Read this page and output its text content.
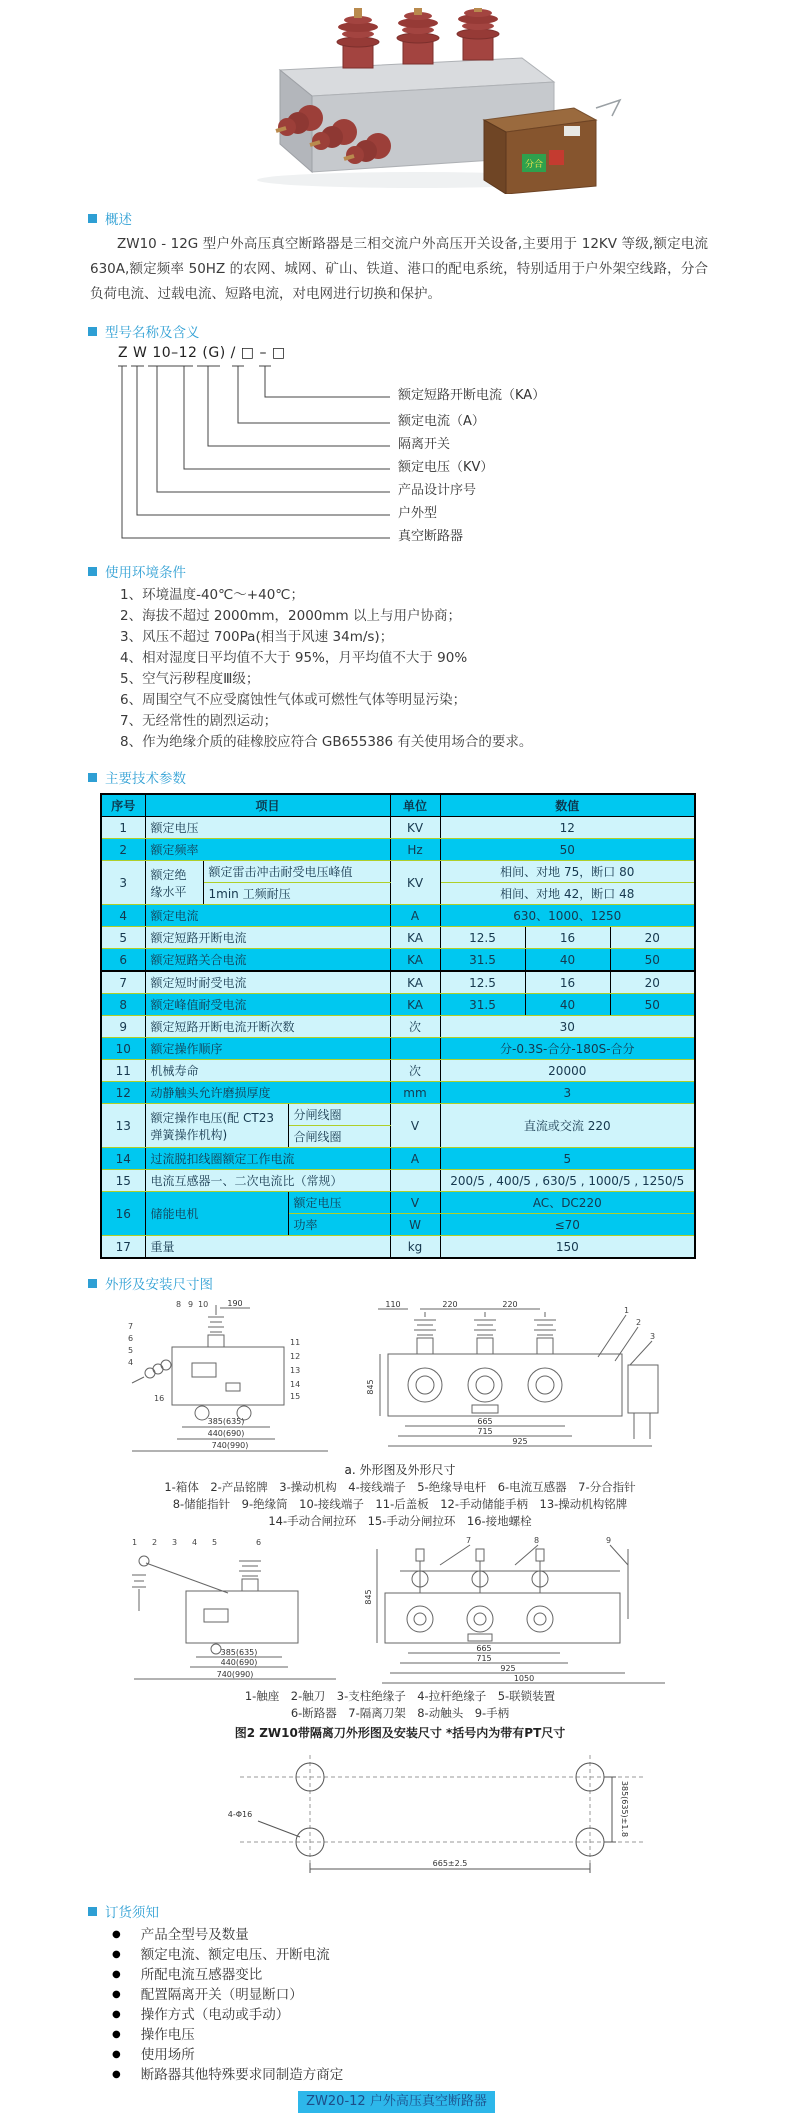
分合
概述
ZW10 - 12G 型户外高压真空断路器是三相交流户外高压开关设备,主要用于 12KV 等级,额定电流 630A,额定频率 50HZ 的农网、城网、矿山、铁道、港口的配电系统，特别适用于户外架空线路，分合负荷电流、过载电流、短路电流，对电网进行切换和保护。
型号名称及含义
Z W 10–12 (G) / □ – □
额定短路开断电流（KA）
额定电流（A）
隔离开关
额定电压（KV）
产品设计序号
户外型
真空断路器
使用环境条件
1、环境温度-40℃～+40℃；
2、海拔不超过 2000mm，2000mm 以上与用户协商；
3、风压不超过 700Pa(相当于风速 34m/s)；
4、相对湿度日平均值不大于 95%，月平均值不大于 90%
5、空气污秽程度Ⅲ级；
6、周围空气不应受腐蚀性气体或可燃性气体等明显污染；
7、无经常性的剧烈运动；
8、作为绝缘介质的硅橡胶应符合 GB655386 有关使用场合的要求。
主要技术参数
序号	项目			单位	数值		
1	额定电压			KV	12		
2	额定频率			Hz	50		
3	额定绝缘水平	额定雷击冲击耐受电压峰值		KV	相间、对地 75，断口 80		
		1min 工频耐压			相间、对地 42，断口 48		
4	额定电流			A	630、1000、1250		
5	额定短路开断电流			KA	12.5	16	20
6	额定短路关合电流			KA	31.5	40	50
7	额定短时耐受电流			KA	12.5	16	20
8	额定峰值耐受电流			KA	31.5	40	50
9	额定短路开断电流开断次数			次	30		
10	额定操作顺序				分-0.3S-合分-180S-合分		
11	机械寿命			次	20000		
12	动静触头允许磨损厚度			mm	3		
13	额定操作电压(配 CT23 弹簧操作机构)		分闸线圈	V	直流或交流 220		
			合闸线圈				
14	过流脱扣线圈额定工作电流			A	5		
15	电流互感器一、二次电流比（常规）				200/5 , 400/5 , 630/5 , 1000/5 , 1250/5		
16	储能电机		额定电压	V	AC、DC220		
			功率	W	≤70		
17	重量			kg	150		
外形及安装尺寸图
190
385(635)
440(690)
740(990)
110	220	220
845
665
715
925
4
5
6
7
8 9 10
11
12
13
14
15
16
1
2
3
a. 外形图及外形尺寸
1-箱体　2-产品铭牌　3-操动机构　4-接线端子　5-绝缘导电杆　6-电流互感器　7-分合指针
8-储能指针　9-绝缘筒　10-接线端子　11-后盖板　12-手动储能手柄　13-操动机构铭牌
14-手动合闸拉环　15-手动分闸拉环　16-接地螺栓
1 2 3 4 5	6	7	8	9
385(635)
440(690)
740(990)
845
665
715
925
1050
1-触座　2-触刀　3-支柱绝缘子　4-拉杆绝缘子　5-联锁装置
6-断路器　7-隔离刀架　8-动触头　9-手柄
图2 ZW10带隔离刀外形图及安装尺寸 *括号内为带有PT尺寸
4-Φ16
665±2.5
385(635)±1.8
订货须知
● 产品全型号及数量
● 额定电流、额定电压、开断电流
● 所配电流互感器变比
● 配置隔离开关（明显断口）
● 操作方式（电动或手动）
● 操作电压
● 使用场所
● 断路器其他特殊要求同制造方商定
ZW20-12 户外高压真空断路器
